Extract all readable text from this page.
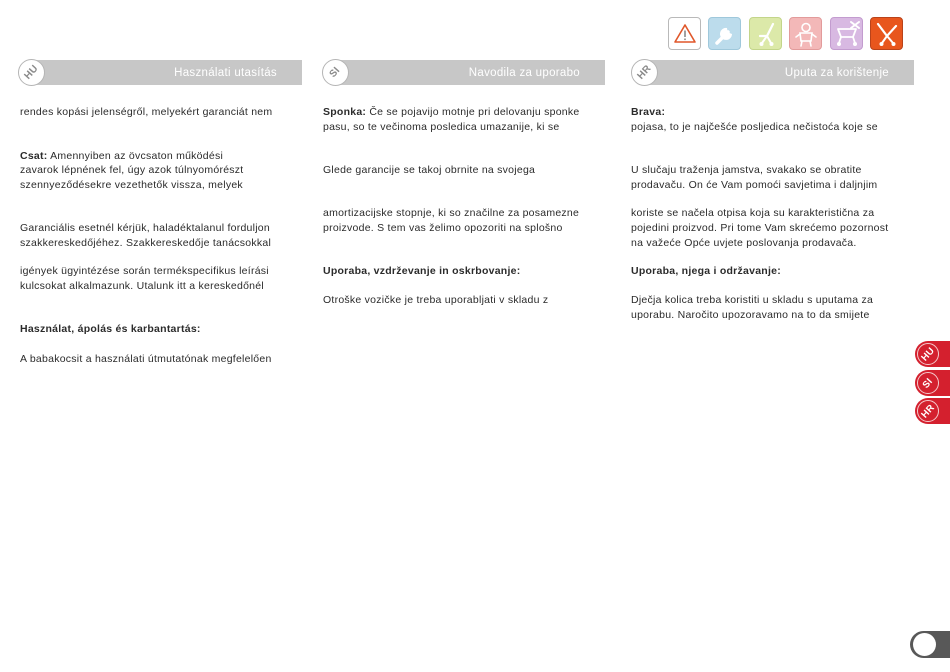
Használati utasítás
HU
rendes kopási jelenségről, melyekért garanciát nem
Csat: Amennyiben az övcsaton működési
zavarok lépnének fel, úgy azok túlnyomórészt
szennyeződésekre vezethetők vissza, melyek
Garanciális esetnél kérjük, haladéktalanul forduljon
szakkereskedőjéhez. Szakkereskedője tanácsokkal
igények ügyintézése során termékspecifikus leírási
kulcsokat alkalmazunk. Utalunk itt a kereskedőnél
Használat, ápolás és karbantartás:
A babakocsit a használati útmutatónak megfelelően
Navodila za uporabo
SI
Sponka: Če se pojavijo motnje pri delovanju sponke
pasu, so te večinoma posledica umazanije, ki se
Glede garancije se takoj obrnite na svojega
amortizacijske stopnje, ki so značilne za posamezne
proizvode. S tem vas želimo opozoriti na splošno
Uporaba, vzdrževanje in oskrbovanje:
Otroške vozičke je treba uporabljati v skladu z
Uputa za korištenje
HR
Brava:
pojasa, to je najčešće posljedica nečistoća koje se
U slučaju traženja jamstva, svakako se obratite
prodavaču. On će Vam pomoći savjetima i daljnjim
koriste se načela otpisa koja su karakteristična za
pojedini proizvod. Pri tome Vam skrećemo pozornost
na važeće Opće uvjete poslovanja prodavača.
Uporaba, njega i održavanje:
Dječja kolica treba koristiti u skladu s uputama za
uporabu. Naročito upozoravamo na to da smijete
HU
SI
HR
